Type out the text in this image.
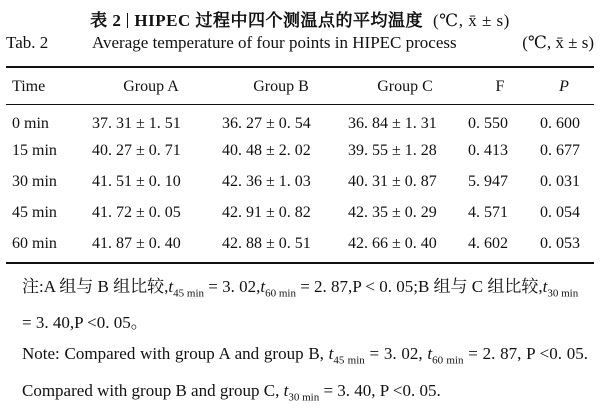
表 2 HIPEC 过程中四个测温点的平均温度 (℃, x̄ ± s)
Tab. 2	Average temperature of four points in HIPEC process	(℃, x̄ ± s)
Time	Group A	Group B	Group C	F	P
0 min	37. 31 ± 1. 51	36. 27 ± 0. 54	36. 84 ± 1. 31	0. 550	0. 600
15 min	40. 27 ± 0. 71	40. 48 ± 2. 02	39. 55 ± 1. 28	0. 413	0. 677
30 min	41. 51 ± 0. 10	42. 36 ± 1. 03	40. 31 ± 0. 87	5. 947	0. 031
45 min	41. 72 ± 0. 05	42. 91 ± 0. 82	42. 35 ± 0. 29	4. 571	0. 054
60 min	41. 87 ± 0. 40	42. 88 ± 0. 51	42. 66 ± 0. 40	4. 602	0. 053
注:A 组与 B 组比较$,t_{45 min} = 3$. $02,t_{60 min} = 2$. 87,P < 0. 05;B 组与 C 组比较$,t_{30 min} = 3$. 40,P <0. 05。
Note: Compared with group A and group B, $t_{45 min} = 3$. 02, $t_{60 min} = 2$. 87, P <0. 05. Compared with group B and group C, $t_{30 min} = 3$. 40, P <0. 05.
